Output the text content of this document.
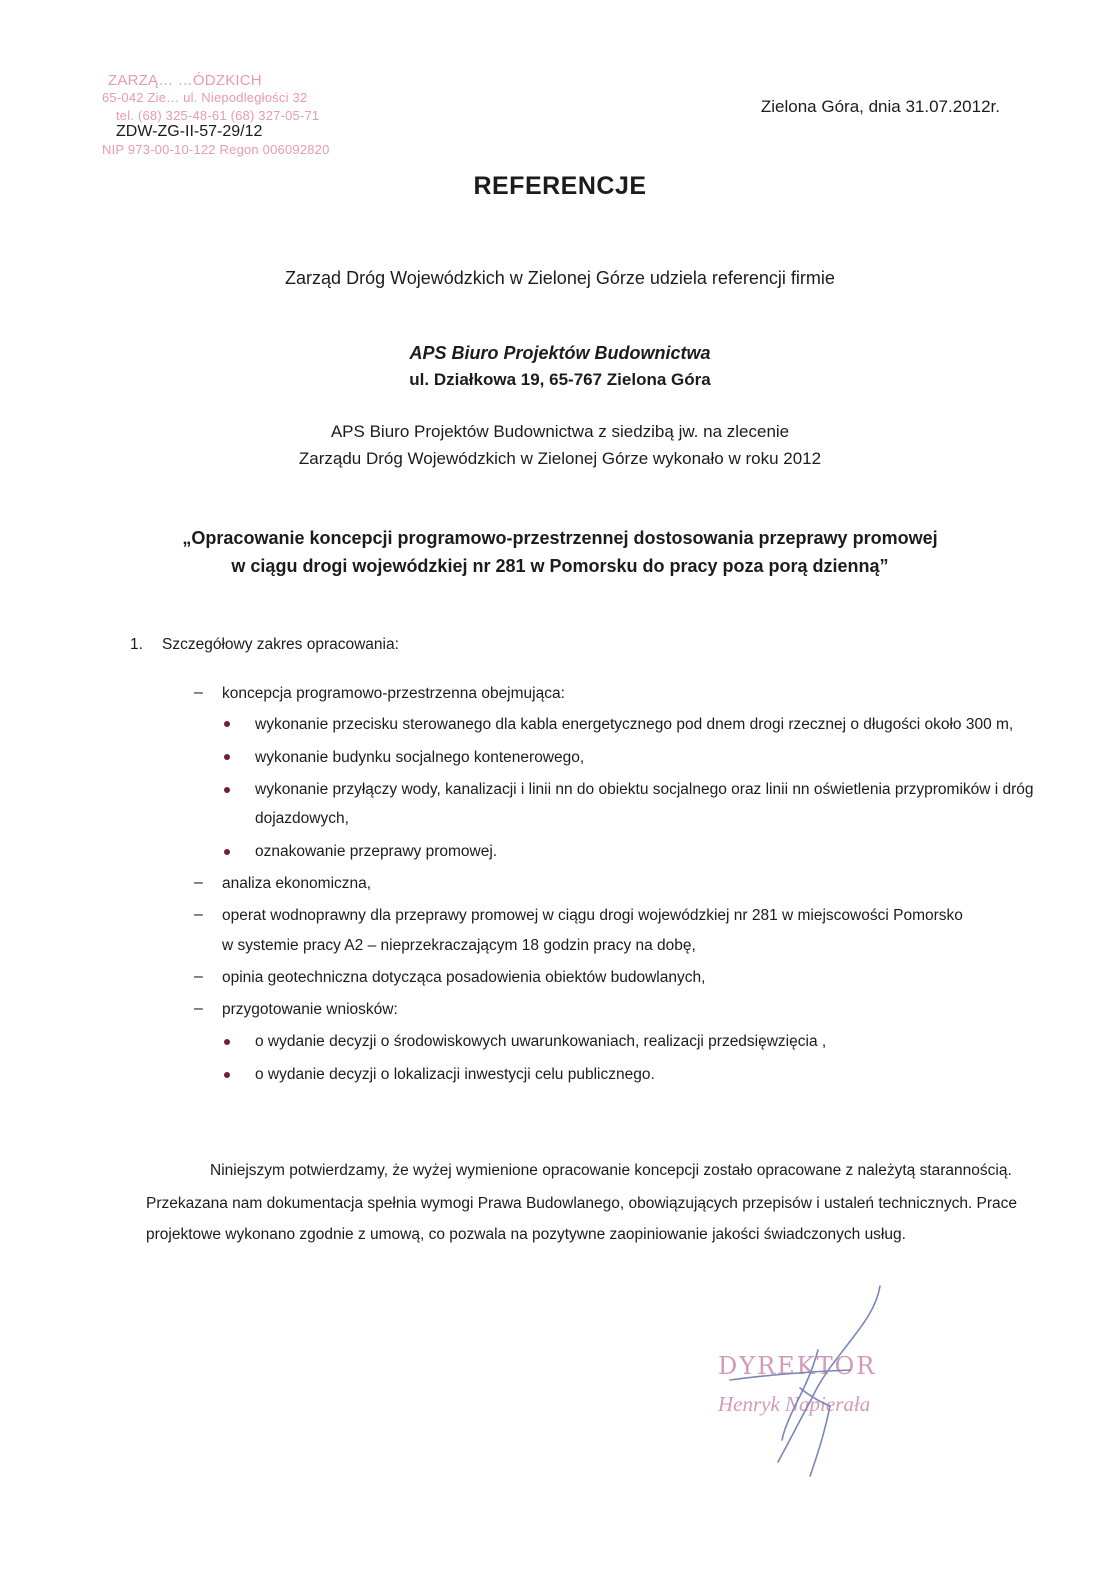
ZARZĄ… …ÓDZKICH
65-042 Zie… ul. Niepodległości 32
tel. (68) 325-48-61 (68) 327-05-71
ZDW-ZG-II-57-29/12
NIP 973-00-10-122 Regon 006092820
Zielona Góra, dnia 31.07.2012r.
REFERENCJE
Zarząd Dróg Wojewódzkich w Zielonej Górze udziela referencji firmie
APS Biuro Projektów Budownictwa
ul. Działkowa 19, 65-767 Zielona Góra
APS Biuro Projektów Budownictwa z siedzibą jw. na zlecenie
Zarządu Dróg Wojewódzkich w Zielonej Górze wykonało w roku 2012
„Opracowanie koncepcji programowo-przestrzennej dostosowania przeprawy promowej
w ciągu drogi wojewódzkiej nr 281 w Pomorsku do pracy poza porą dzienną”
1. Szczegółowy zakres opracowania:
– koncepcja programowo-przestrzenna obejmująca:
wykonanie przecisku sterowanego dla kabla energetycznego pod dnem drogi rzecznej o długości około 300 m,
wykonanie budynku socjalnego kontenerowego,
wykonanie przyłączy wody, kanalizacji i linii nn do obiektu socjalnego oraz linii nn oświetlenia przypromików i dróg
dojazdowych,
oznakowanie przeprawy promowej.
– analiza ekonomiczna,
– operat wodnoprawny dla przeprawy promowej w ciągu drogi wojewódzkiej nr 281 w miejscowości Pomorsko
w systemie pracy A2 – nieprzekraczającym 18 godzin pracy na dobę,
– opinia geotechniczna dotycząca posadowienia obiektów budowlanych,
– przygotowanie wniosków:
o wydanie decyzji o środowiskowych uwarunkowaniach, realizacji przedsięwzięcia ,
o wydanie decyzji o lokalizacji inwestycji celu publicznego.
Niniejszym potwierdzamy, że wyżej wymienione opracowanie koncepcji zostało opracowane z należytą starannością.
Przekazana nam dokumentacja spełnia wymogi Prawa Budowlanego, obowiązujących przepisów i ustaleń technicznych. Prace
projektowe wykonano zgodnie z umową, co pozwala na pozytywne zaopiniowanie jakości świadczonych usług.
DYREKTOR
Henryk Napierała
